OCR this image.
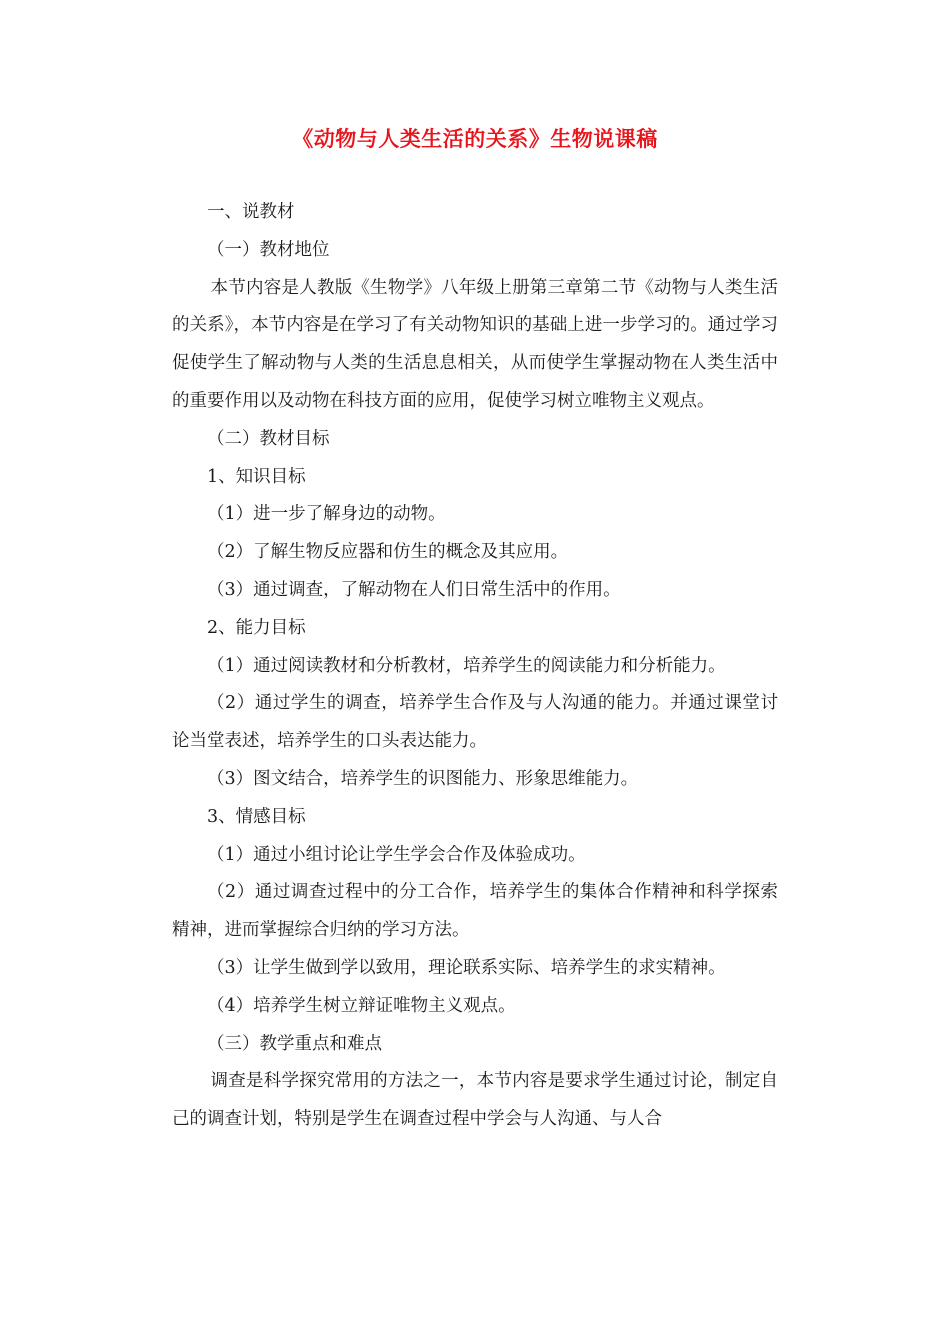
《动物与人类生活的关系》生物说课稿

一、说教材

（一）教材地位

本节内容是人教版《生物学》八年级上册第三章第二节《动物与人类生活的关系》，本节内容是在学习了有关动物知识的基础上进一步学习的。通过学习促使学生了解动物与人类的生活息息相关，从而使学生掌握动物在人类生活中的重要作用以及动物在科技方面的应用，促使学习树立唯物主义观点。

（二）教材目标

1、知识目标

（1）进一步了解身边的动物。

（2）了解生物反应器和仿生的概念及其应用。

（3）通过调查，了解动物在人们日常生活中的作用。

2、能力目标

（1）通过阅读教材和分析教材，培养学生的阅读能力和分析能力。

（2）通过学生的调查，培养学生合作及与人沟通的能力。并通过课堂讨论当堂表述，培养学生的口头表达能力。

（3）图文结合，培养学生的识图能力、形象思维能力。

3、情感目标

（1）通过小组讨论让学生学会合作及体验成功。

（2）通过调查过程中的分工合作，培养学生的集体合作精神和科学探索精神，进而掌握综合归纳的学习方法。

（3）让学生做到学以致用，理论联系实际、培养学生的求实精神。

（4）培养学生树立辩证唯物主义观点。

（三）教学重点和难点

调查是科学探究常用的方法之一，本节内容是要求学生通过讨论，制定自己的调查计划，特别是学生在调查过程中学会与人沟通、与人合
